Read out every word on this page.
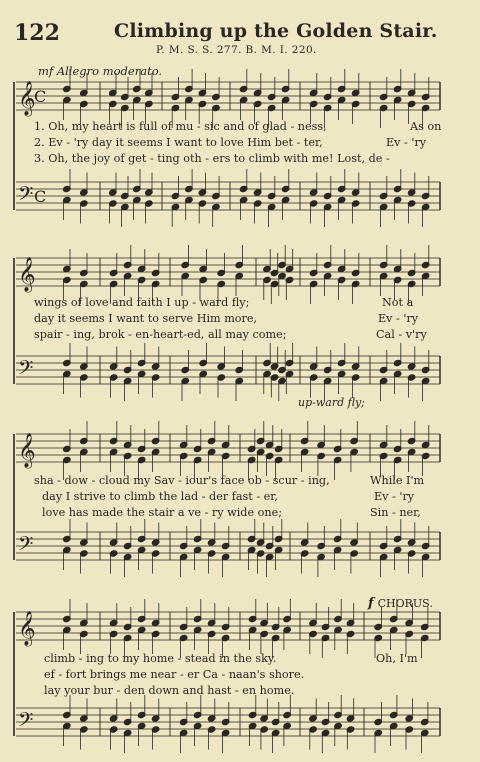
122	Climbing up the Golden Stair.
P. M. S. S. 277. B. M. I. 220.
mf Allegro moderato.
f CHORUS.
up-ward fly;
1. Oh, my heart is full of mu - sic and of glad - ness,	As on
2. Ev - 'ry day it seems I want to love Him bet - ter,	Ev - 'ry
3. Oh, the joy of get - ting oth - ers to climb with me! Lost, de -
wings of love and faith I up - ward fly;	Not a
day it seems I want to serve Him more,	Ev - 'ry
spair - ing, brok - en-heart-ed, all may come;	Cal - v'ry
sha - dow - cloud my Sav - iour's face ob - scur - ing,	While I'm
day I strive to climb the lad - der fast - er,	Ev - 'ry
love has made the stair a ve - ry wide one;	Sin - ner,
climb - ing to my home - stead in the sky.	Oh, I'm
ef - fort brings me near - er Ca - naan's shore.
lay your bur - den down and hast - en home.
𝄞
𝄢
C
C
𝄞
𝄢
𝄞
𝄢
𝄞
𝄢
